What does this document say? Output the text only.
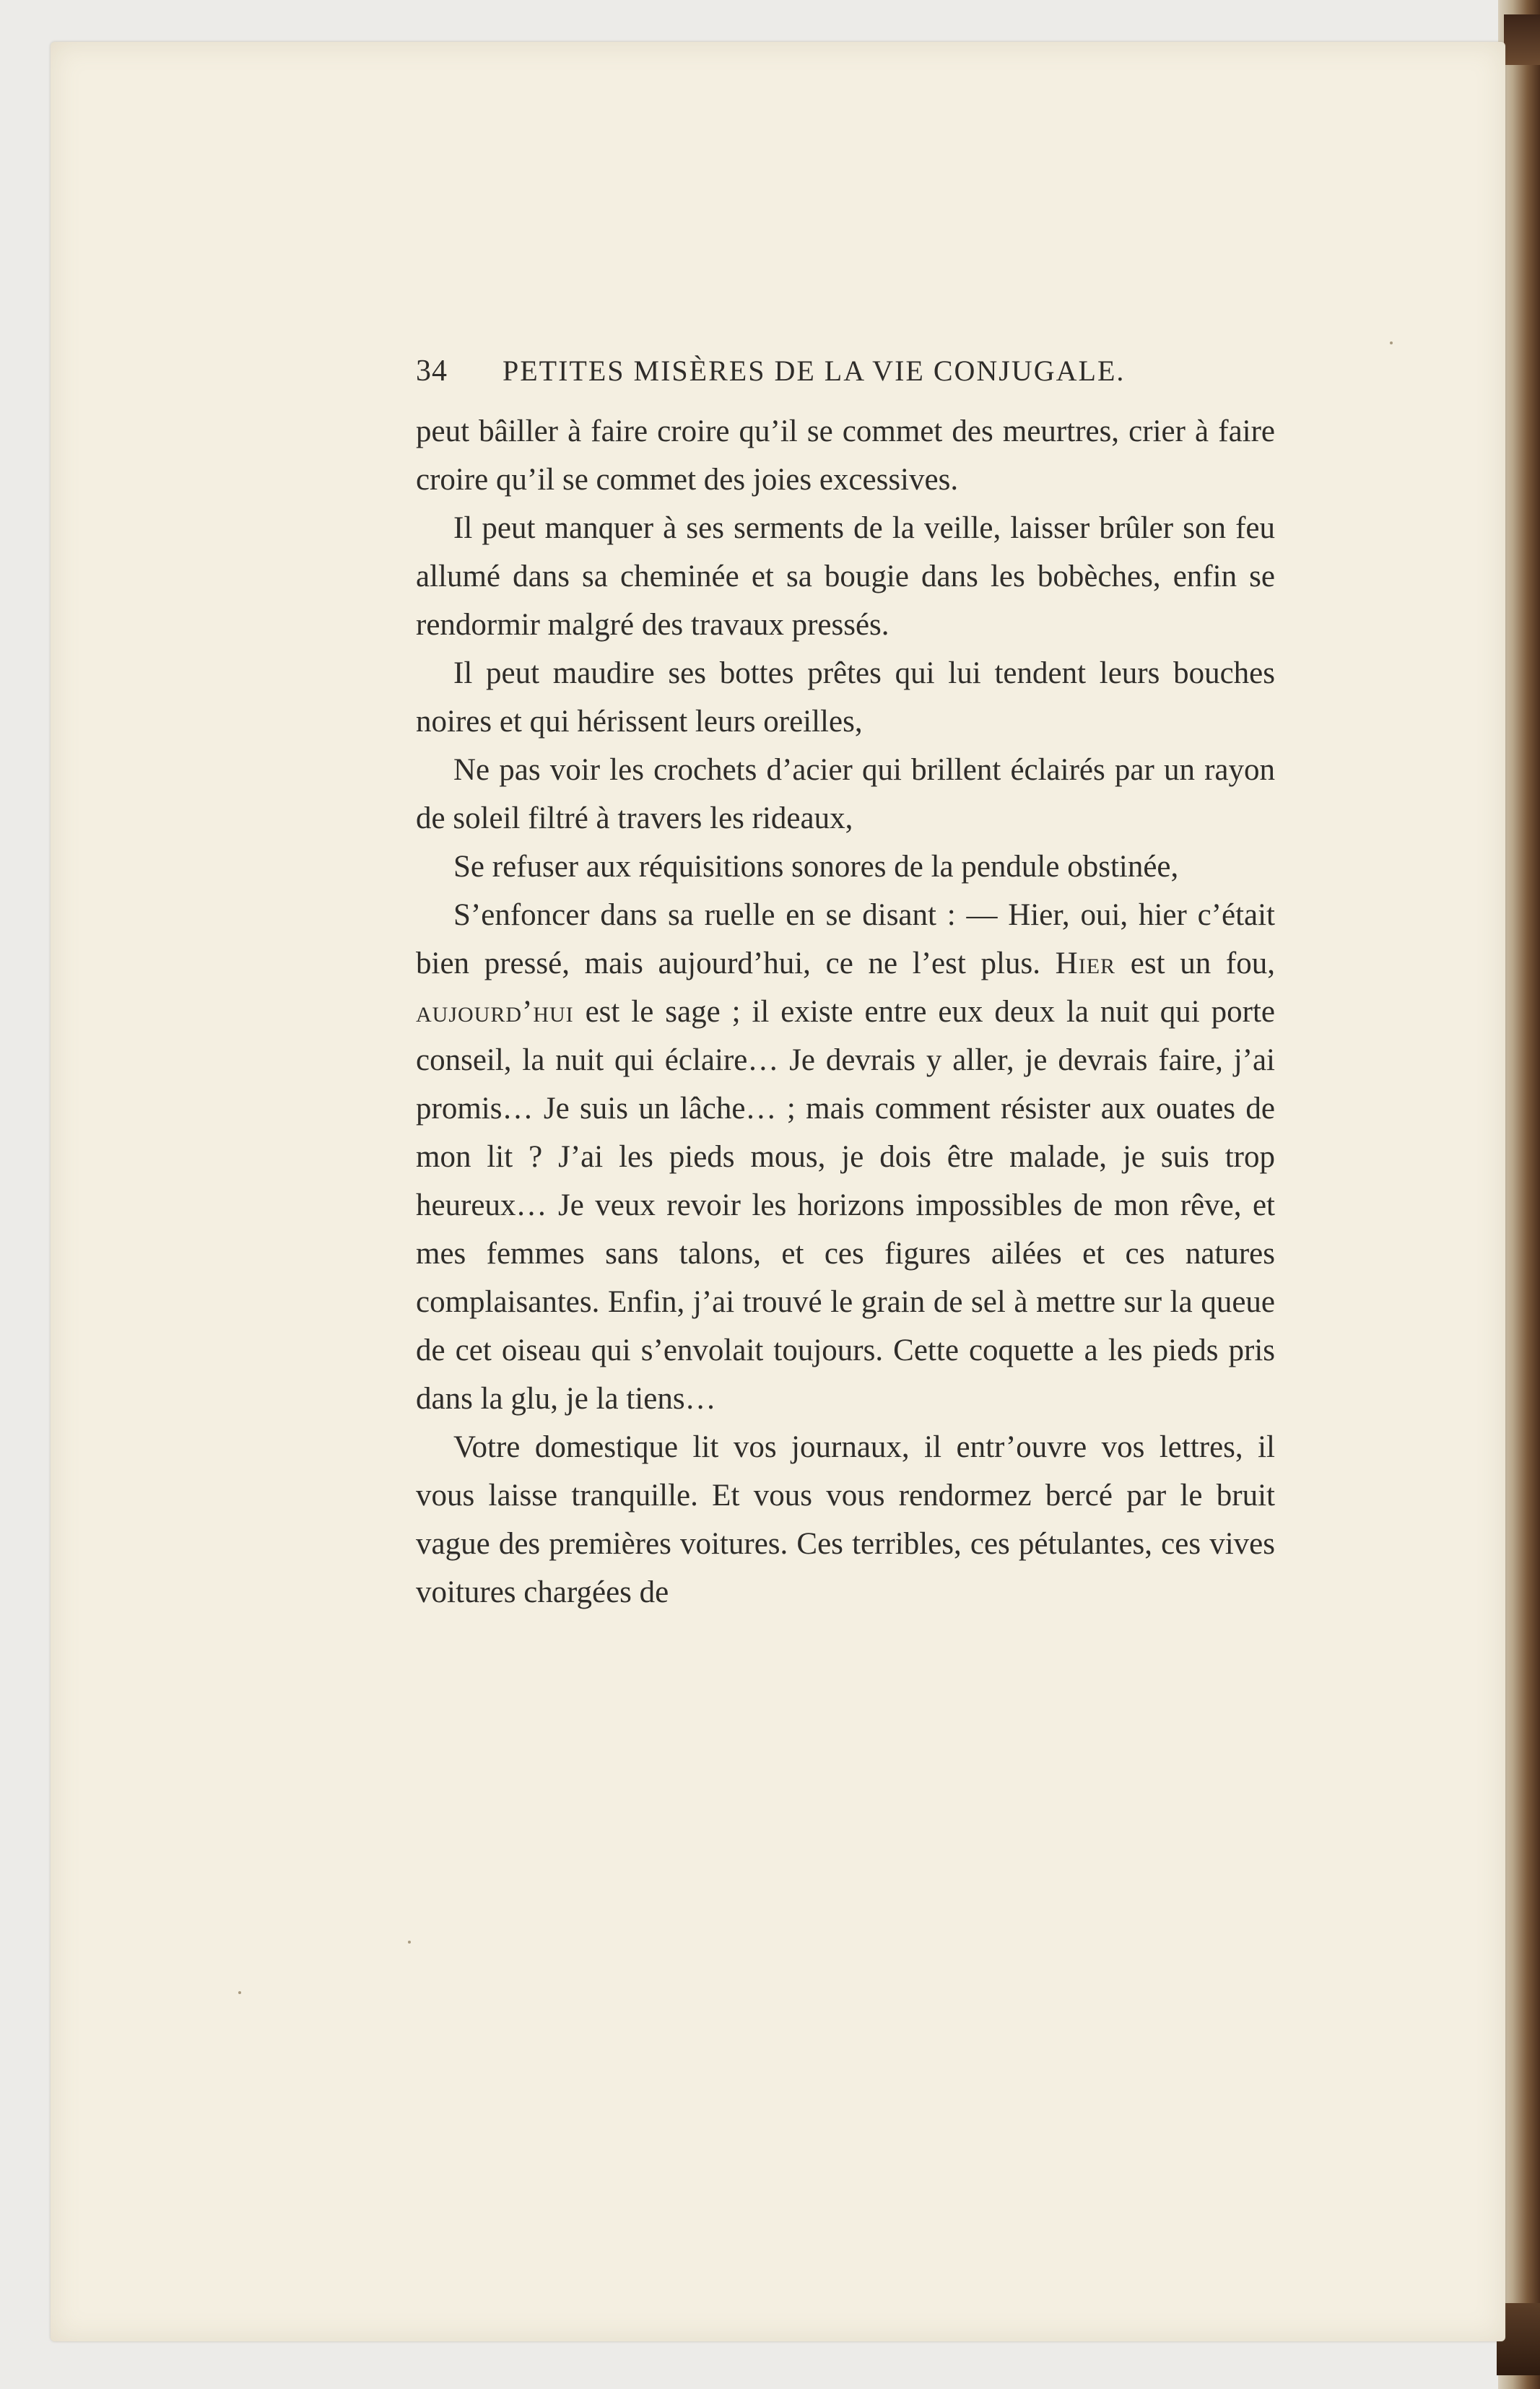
34	PETITES MISÈRES DE LA VIE CONJUGALE.

peut bâiller à faire croire qu’il se commet des meurtres, crier à faire croire qu’il se commet des joies excessives.

Il peut manquer à ses serments de la veille, laisser brûler son feu allumé dans sa cheminée et sa bougie dans les bobèches, enfin se rendormir malgré des travaux pressés.

Il peut maudire ses bottes prêtes qui lui tendent leurs bouches noires et qui hérissent leurs oreilles,

Ne pas voir les crochets d’acier qui brillent éclairés par un rayon de soleil filtré à travers les rideaux,

Se refuser aux réquisitions sonores de la pendule obstinée,

S’enfoncer dans sa ruelle en se disant : — Hier, oui, hier c’était bien pressé, mais aujourd’hui, ce ne l’est plus. Hier est un fou, aujourd’hui est le sage ; il existe entre eux deux la nuit qui porte conseil, la nuit qui éclaire… Je devrais y aller, je devrais faire, j’ai promis… Je suis un lâche… ; mais comment résister aux ouates de mon lit ? J’ai les pieds mous, je dois être malade, je suis trop heureux… Je veux revoir les horizons impossibles de mon rêve, et mes femmes sans talons, et ces figures ailées et ces natures complaisantes. Enfin, j’ai trouvé le grain de sel à mettre sur la queue de cet oiseau qui s’envolait toujours. Cette coquette a les pieds pris dans la glu, je la tiens…

Votre domestique lit vos journaux, il entr’ouvre vos lettres, il vous laisse tranquille. Et vous vous rendormez bercé par le bruit vague des premières voitures. Ces terribles, ces pétulantes, ces vives voitures chargées de
